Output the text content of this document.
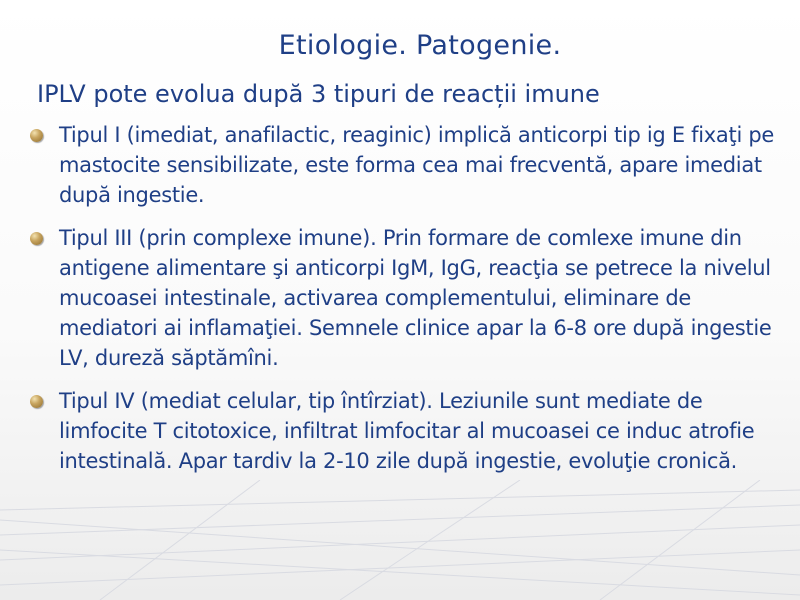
Etiologie. Patogenie.
IPLV pote evolua după 3 tipuri de reacții imune
Tipul I (imediat, anafilactic, reaginic) implică anticorpi tip ig E fixaţi pe mastocite sensibilizate, este forma cea mai frecventă, apare imediat după ingestie.
Tipul III (prin complexe imune). Prin formare de comlexe imune din antigene alimentare şi anticorpi IgM, IgG, reacţia se petrece la nivelul mucoasei intestinale, activarea complementului, eliminare de mediatori ai inflamaţiei. Semnele clinice apar la 6-8 ore după ingestie LV, dureză săptămîni.
Tipul IV (mediat celular, tip întîrziat). Leziunile sunt mediate de limfocite T citotoxice, infiltrat limfocitar al mucoasei ce induc atrofie intestinală. Apar tardiv la 2-10 zile după ingestie, evoluţie cronică.
